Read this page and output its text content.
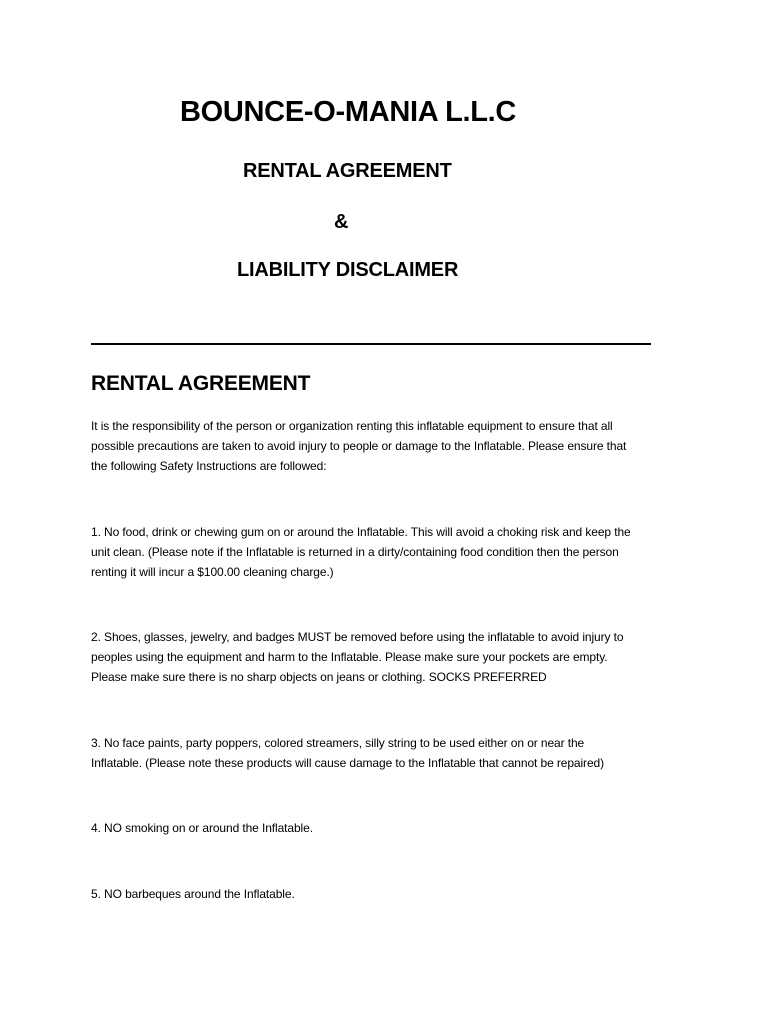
BOUNCE-O-MANIA L.L.C
RENTAL AGREEMENT
&
LIABILITY DISCLAIMER
RENTAL AGREEMENT
It is the responsibility of the person or organization renting this inflatable equipment to ensure that all
possible precautions are taken to avoid injury to people or damage to the Inflatable. Please ensure that
the following Safety Instructions are followed:
1. No food, drink or chewing gum on or around the Inflatable. This will avoid a choking risk and keep the
unit clean. (Please note if the Inflatable is returned in a dirty/containing food condition then the person
renting it will incur a $100.00 cleaning charge.)
2. Shoes, glasses, jewelry, and badges MUST be removed before using the inflatable to avoid injury to
peoples using the equipment and harm to the Inflatable. Please make sure your pockets are empty.
Please make sure there is no sharp objects on jeans or clothing. SOCKS PREFERRED
3. No face paints, party poppers, colored streamers, silly string to be used either on or near the
Inflatable. (Please note these products will cause damage to the Inflatable that cannot be repaired)
4. NO smoking on or around the Inflatable.
5. NO barbeques around the Inflatable.
